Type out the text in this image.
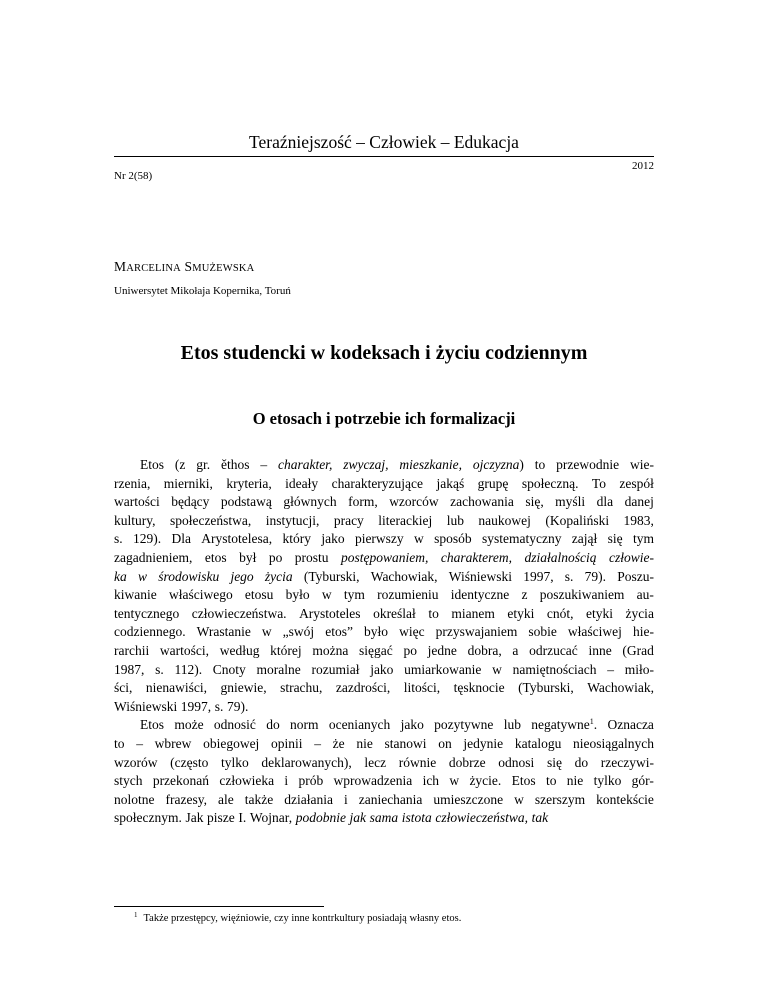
Teraźniejszość – Człowiek – Edukacja
Nr 2(58)
2012
MARCELINA SMUŻEWSKA
Uniwersytet Mikołaja Kopernika, Toruń
Etos studencki w kodeksach i życiu codziennym
O etosach i potrzebie ich formalizacji
Etos (z gr. ěthos – charakter, zwyczaj, mieszkanie, ojczyzna) to przewodnie wie-
rzenia, mierniki, kryteria, ideały charakteryzujące jakąś grupę społeczną. To zespół
wartości będący podstawą głównych form, wzorców zachowania się, myśli dla danej
kultury, społeczeństwa, instytucji, pracy literackiej lub naukowej (Kopaliński 1983,
s. 129). Dla Arystotelesa, który jako pierwszy w sposób systematyczny zajął się tym
zagadnieniem, etos był po prostu postępowaniem, charakterem, działalnością człowie-
ka w środowisku jego życia (Tyburski, Wachowiak, Wiśniewski 1997, s. 79). Poszu-
kiwanie właściwego etosu było w tym rozumieniu identyczne z poszukiwaniem au-
tentycznego człowieczeństwa. Arystoteles określał to mianem etyki cnót, etyki życia
codziennego. Wrastanie w „swój etos” było więc przyswajaniem sobie właściwej hie-
rarchii wartości, według której można sięgać po jedne dobra, a odrzucać inne (Grad
1987, s. 112). Cnoty moralne rozumiał jako umiarkowanie w namiętnościach – miło-
ści, nienawiści, gniewie, strachu, zazdrości, litości, tęsknocie (Tyburski, Wachowiak,
Wiśniewski 1997, s. 79).
Etos może odnosić do norm ocenianych jako pozytywne lub negatywne$^1$. Oznacza
to – wbrew obiegowej opinii – że nie stanowi on jedynie katalogu nieosiągalnych
wzorów (często tylko deklarowanych), lecz równie dobrze odnosi się do rzeczywi-
stych przekonań człowieka i prób wprowadzenia ich w życie. Etos to nie tylko gór-
nolotne frazesy, ale także działania i zaniechania umieszczone w szerszym kontekście
społecznym. Jak pisze I. Wojnar, podobnie jak sama istota człowieczeństwa, tak
$^1$ Także przestępcy, więźniowie, czy inne kontrkultury posiadają własny etos.
